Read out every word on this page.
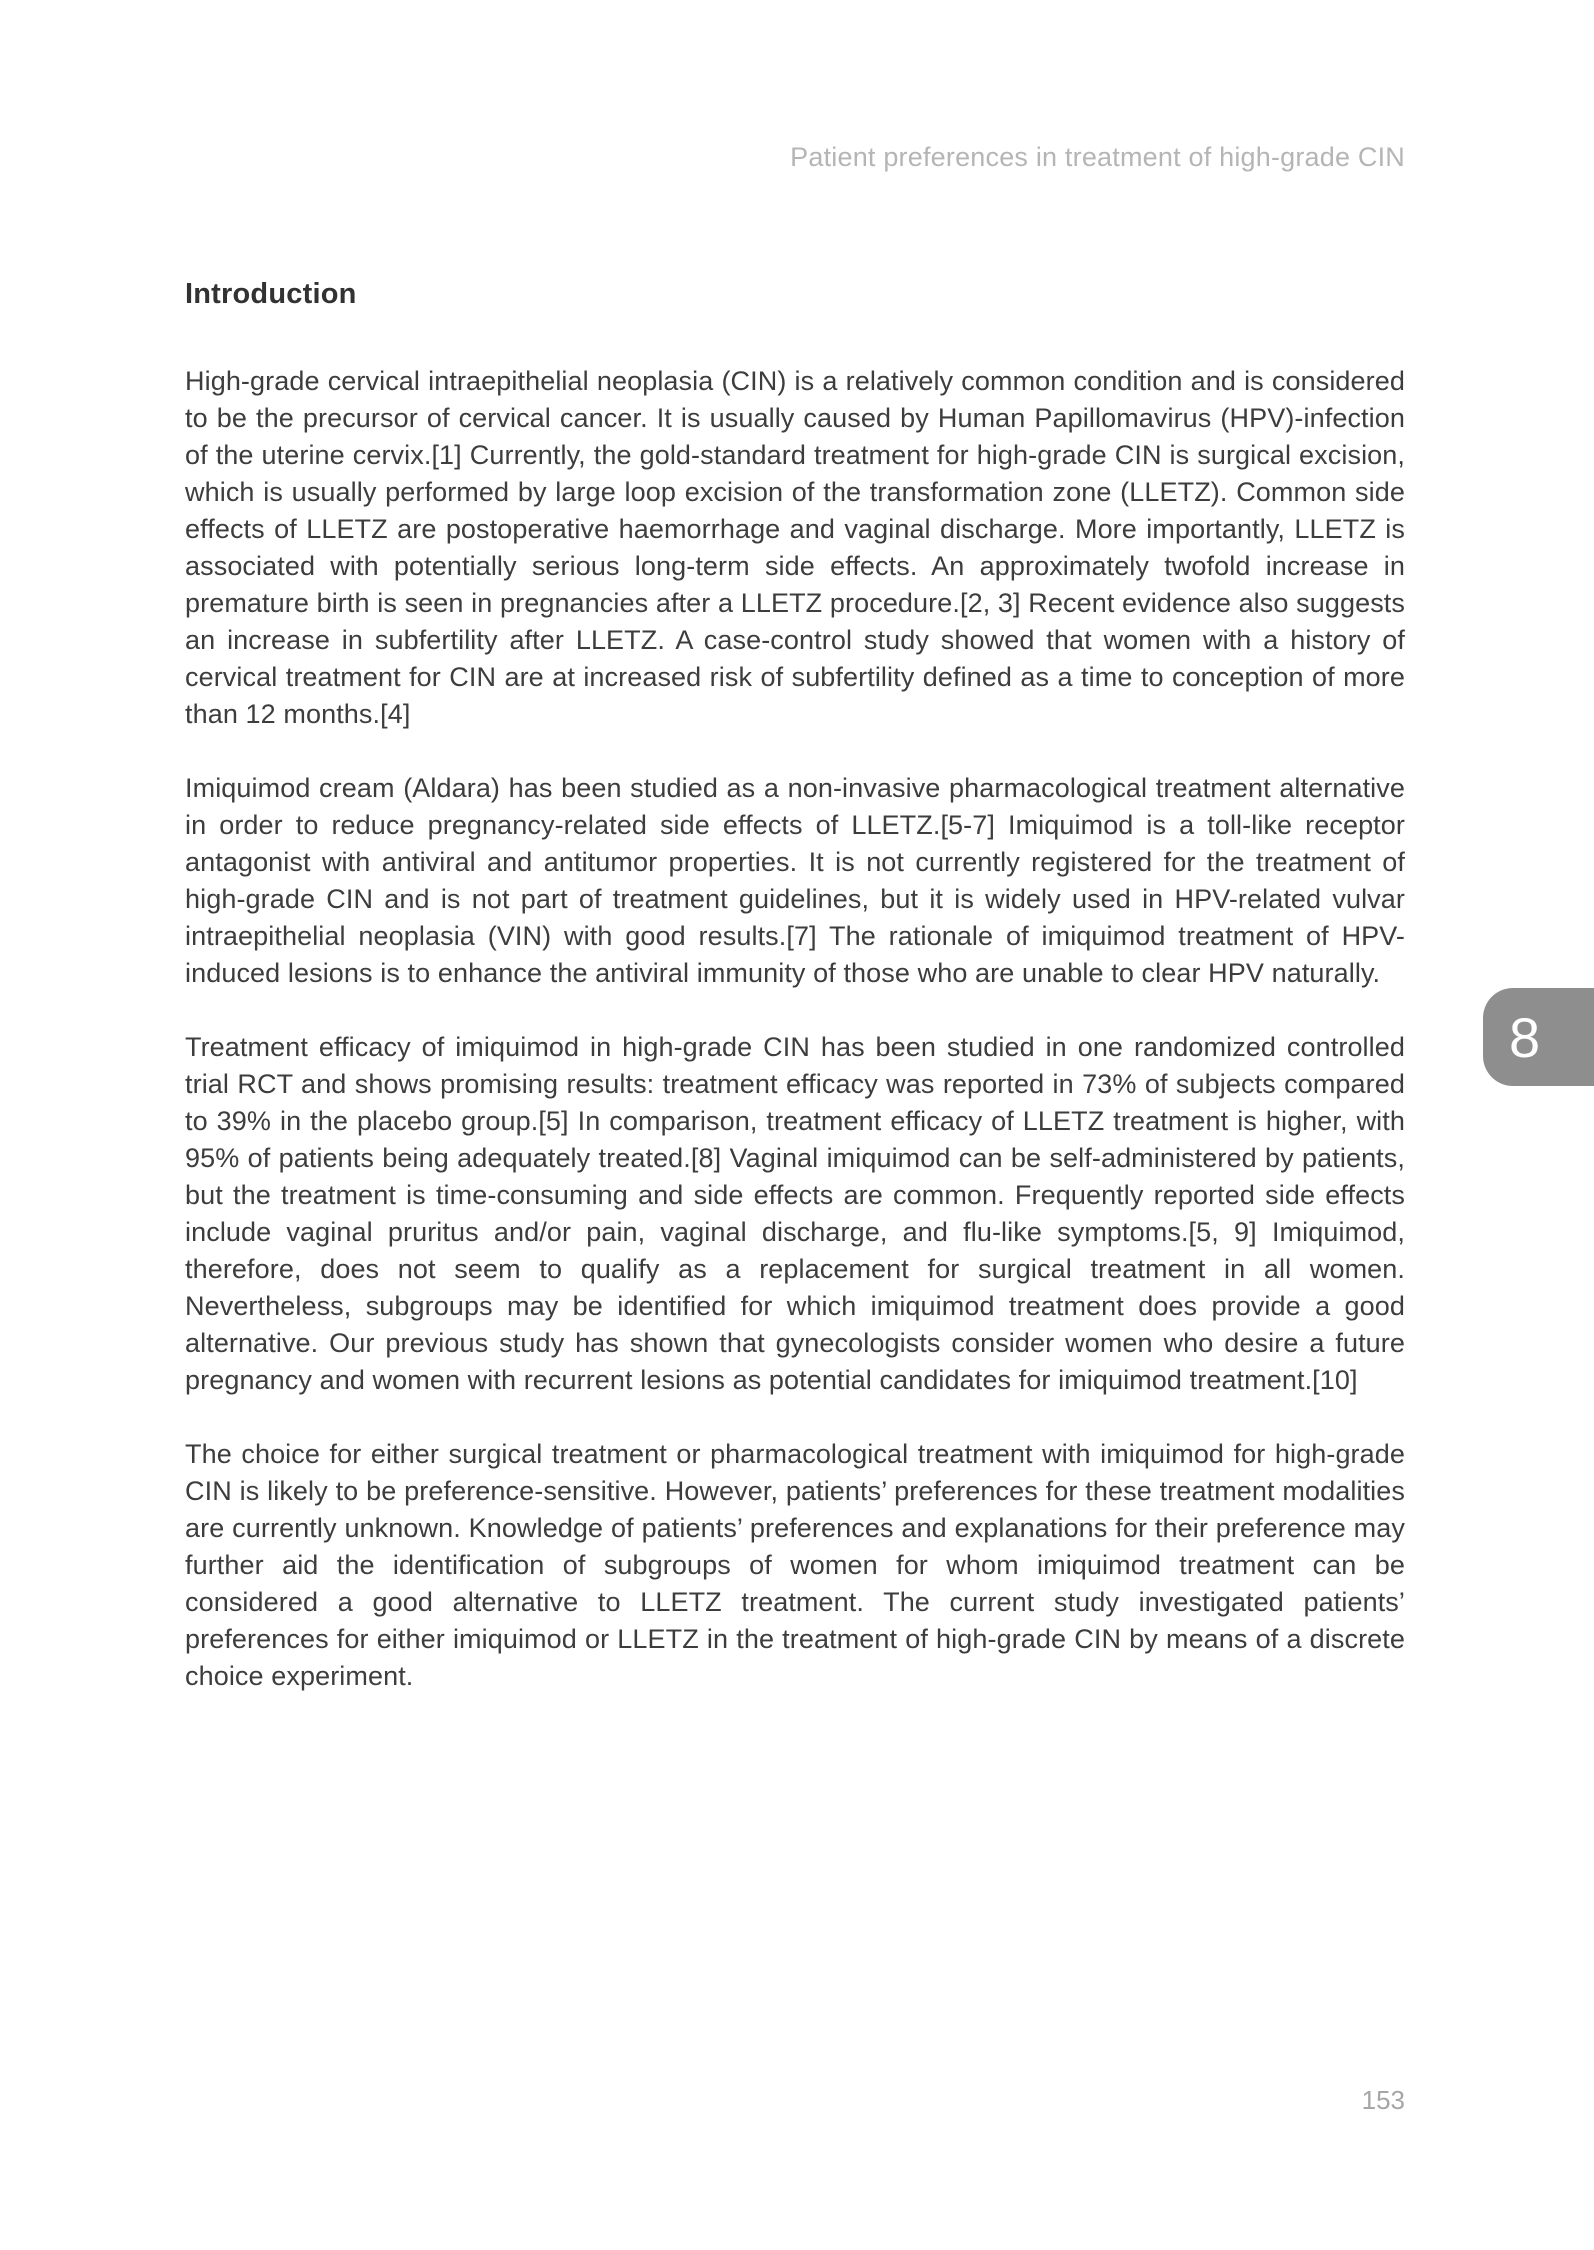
Patient preferences in treatment of high-grade CIN
Introduction

High-grade cervical intraepithelial neoplasia (CIN) is a relatively common condition and is considered to be the precursor of cervical cancer. It is usually caused by Human Papillomavirus (HPV)-infection of the uterine cervix.[1] Currently, the gold-standard treatment for high-grade CIN is surgical excision, which is usually performed by large loop excision of the transformation zone (LLETZ). Common side effects of LLETZ are postoperative haemorrhage and vaginal discharge. More importantly, LLETZ is associated with potentially serious long-term side effects. An approximately twofold increase in premature birth is seen in pregnancies after a LLETZ procedure.[2, 3] Recent evidence also suggests an increase in subfertility after LLETZ. A case-control study showed that women with a history of cervical treatment for CIN are at increased risk of subfertility defined as a time to conception of more than 12 months.[4]

Imiquimod cream (Aldara) has been studied as a non-invasive pharmacological treatment alternative in order to reduce pregnancy-related side effects of LLETZ.[5-7] Imiquimod is a toll-like receptor antagonist with antiviral and antitumor properties. It is not currently registered for the treatment of high-grade CIN and is not part of treatment guidelines, but it is widely used in HPV-related vulvar intraepithelial neoplasia (VIN) with good results.[7] The rationale of imiquimod treatment of HPV-induced lesions is to enhance the antiviral immunity of those who are unable to clear HPV naturally.

Treatment efficacy of imiquimod in high-grade CIN has been studied in one randomized controlled trial RCT and shows promising results: treatment efficacy was reported in 73% of subjects compared to 39% in the placebo group.[5] In comparison, treatment efficacy of LLETZ treatment is higher, with 95% of patients being adequately treated.[8] Vaginal imiquimod can be self-administered by patients, but the treatment is time-consuming and side effects are common. Frequently reported side effects include vaginal pruritus and/or pain, vaginal discharge, and flu-like symptoms.[5, 9] Imiquimod, therefore, does not seem to qualify as a replacement for surgical treatment in all women. Nevertheless, subgroups may be identified for which imiquimod treatment does provide a good alternative. Our previous study has shown that gynecologists consider women who desire a future pregnancy and women with recurrent lesions as potential candidates for imiquimod treatment.[10]

The choice for either surgical treatment or pharmacological treatment with imiquimod for high-grade CIN is likely to be preference-sensitive. However, patients’ preferences for these treatment modalities are currently unknown. Knowledge of patients’ preferences and explanations for their preference may further aid the identification of subgroups of women for whom imiquimod treatment can be considered a good alternative to LLETZ treatment. The current study investigated patients’ preferences for either imiquimod or LLETZ in the treatment of high-grade CIN by means of a discrete choice experiment.

8
153
